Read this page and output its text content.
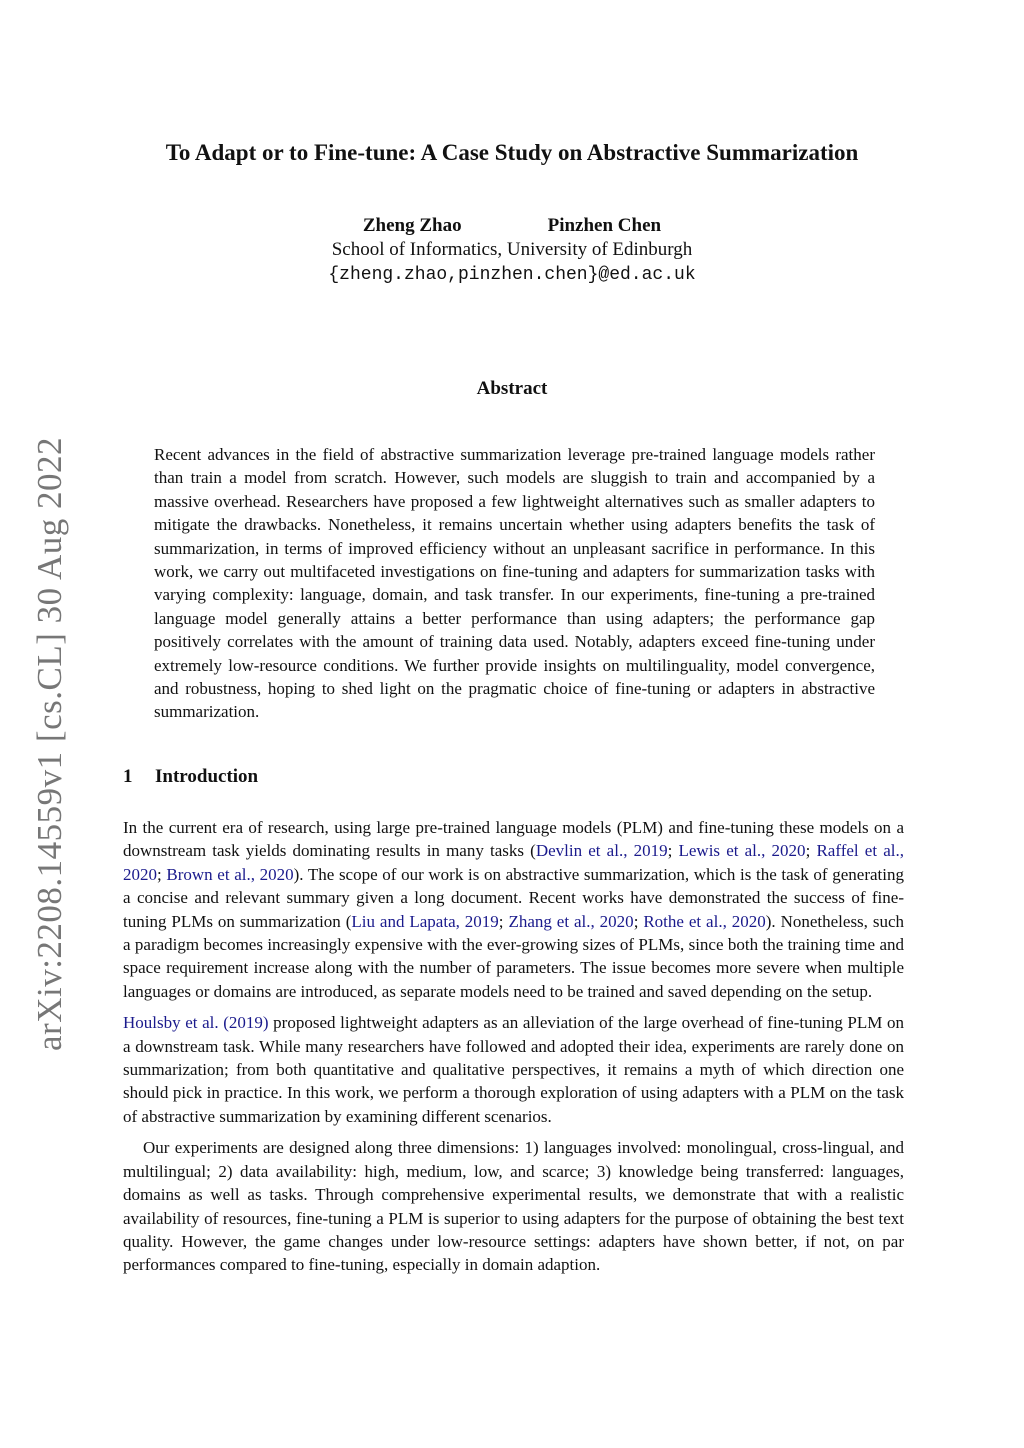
arXiv:2208.14559v1 [cs.CL] 30 Aug 2022
To Adapt or to Fine-tune: A Case Study on Abstractive Summarization
Zheng Zhao	Pinzhen Chen
School of Informatics, University of Edinburgh
{zheng.zhao,pinzhen.chen}@ed.ac.uk
Abstract

Recent advances in the field of abstractive summarization leverage pre-trained language models rather than train a model from scratch. However, such models are sluggish to train and accompanied by a massive overhead. Researchers have proposed a few lightweight alternatives such as smaller adapters to mitigate the drawbacks. Nonetheless, it remains uncertain whether using adapters benefits the task of summarization, in terms of improved efficiency without an unpleasant sacrifice in performance. In this work, we carry out multifaceted investigations on fine-tuning and adapters for summarization tasks with varying complexity: language, domain, and task transfer. In our experiments, fine-tuning a pre-trained language model generally attains a better performance than using adapters; the performance gap positively correlates with the amount of training data used. Notably, adapters exceed fine-tuning under extremely low-resource conditions. We further provide insights on multilinguality, model convergence, and robustness, hoping to shed light on the pragmatic choice of fine-tuning or adapters in abstractive summarization.

1 Introduction

In the current era of research, using large pre-trained language models (PLM) and fine-tuning these models on a downstream task yields dominating results in many tasks (Devlin et al., 2019; Lewis et al., 2020; Raffel et al., 2020; Brown et al., 2020). The scope of our work is on abstractive summarization, which is the task of generating a concise and relevant summary given a long document. Recent works have demonstrated the success of fine-tuning PLMs on summarization (Liu and Lapata, 2019; Zhang et al., 2020; Rothe et al., 2020). Nonetheless, such a paradigm becomes increasingly expensive with the ever-growing sizes of PLMs, since both the training time and space requirement increase along with the number of parameters. The issue becomes more severe when multiple languages or domains are introduced, as separate models need to be trained and saved depending on the setup.

Houlsby et al. (2019) proposed lightweight adapters as an alleviation of the large overhead of fine-tuning PLM on a downstream task. While many researchers have followed and adopted their idea, experiments are rarely done on summarization; from both quantitative and qualitative perspectives, it remains a myth of which direction one should pick in practice. In this work, we perform a thorough exploration of using adapters with a PLM on the task of abstractive summarization by examining different scenarios.

Our experiments are designed along three dimensions: 1) languages involved: monolingual, cross-lingual, and multilingual; 2) data availability: high, medium, low, and scarce; 3) knowledge being transferred: languages, domains as well as tasks. Through comprehensive experimental results, we demonstrate that with a realistic availability of resources, fine-tuning a PLM is superior to using adapters for the purpose of obtaining the best text quality. However, the game changes under low-resource settings: adapters have shown better, if not, on par performances compared to fine-tuning, especially in domain adaption.
